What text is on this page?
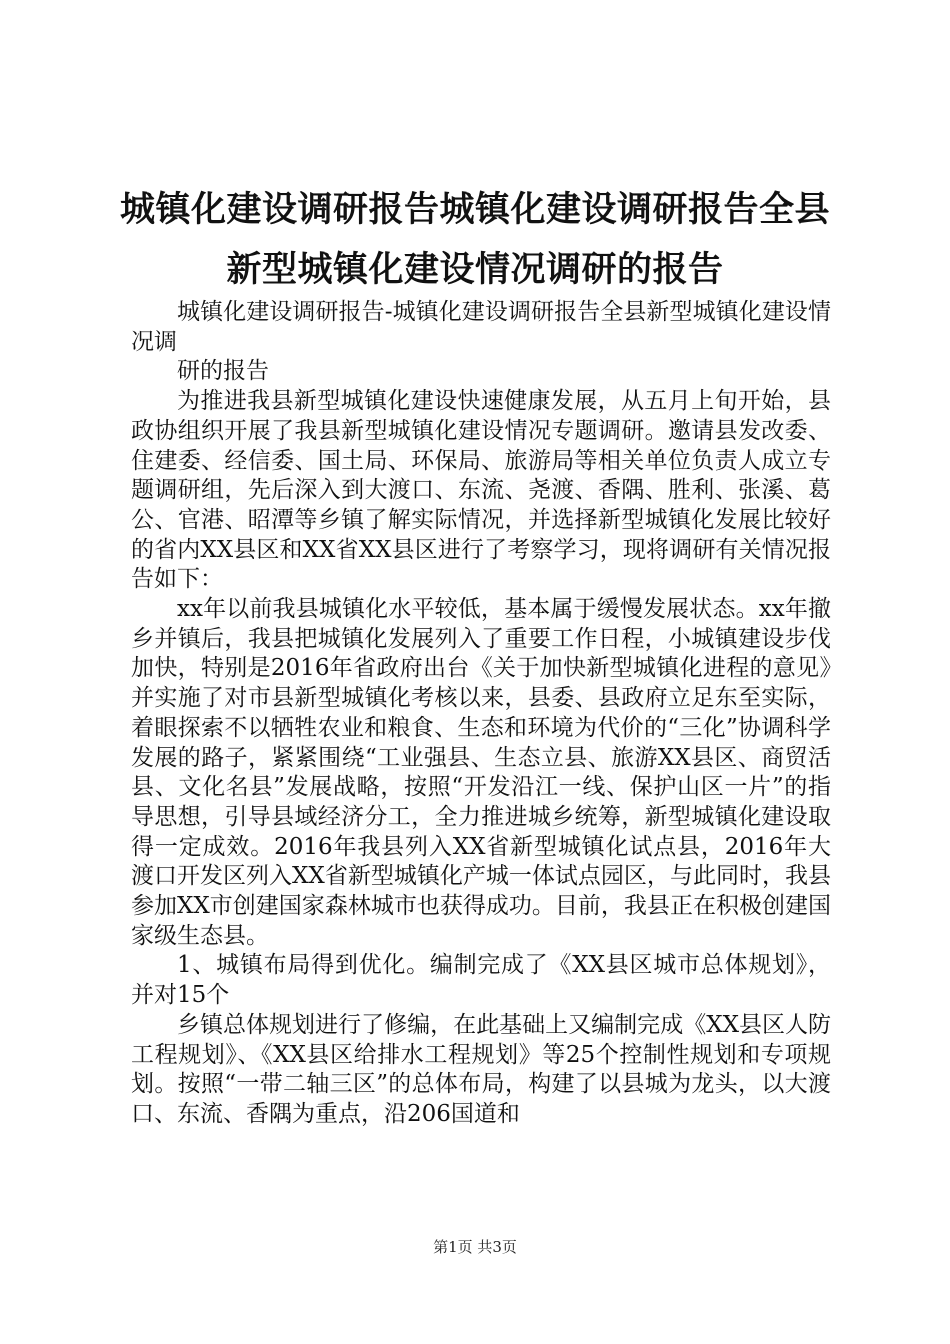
城镇化建设调研报告城镇化建设调研报告全县
新型城镇化建设情况调研的报告

城镇化建设调研报告-城镇化建设调研报告全县新型城镇化建设情况调

研的报告

为推进我县新型城镇化建设快速健康发展，从五月上旬开始，县政协组织开展了我县新型城镇化建设情况专题调研。邀请县发改委、住建委、经信委、国土局、环保局、旅游局等相关单位负责人成立专题调研组，先后深入到大渡口、东流、尧渡、香隅、胜利、张溪、葛公、官港、昭潭等乡镇了解实际情况，并选择新型城镇化发展比较好的省内XX县区和XX省XX县区进行了考察学习，现将调研有关情况报告如下：

xx年以前我县城镇化水平较低，基本属于缓慢发展状态。xx年撤乡并镇后，我县把城镇化发展列入了重要工作日程，小城镇建设步伐加快，特别是2016年省政府出台《关于加快新型城镇化进程的意见》并实施了对市县新型城镇化考核以来，县委、县政府立足东至实际，着眼探索不以牺牲农业和粮食、生态和环境为代价的“三化”协调科学发展的路子，紧紧围绕“工业强县、生态立县、旅游XX县区、商贸活县、文化名县”发展战略，按照“开发沿江一线、保护山区一片”的指导思想，引导县域经济分工，全力推进城乡统筹，新型城镇化建设取得一定成效。2016年我县列入XX省新型城镇化试点县，2016年大渡口开发区列入XX省新型城镇化产城一体试点园区，与此同时，我县参加XX市创建国家森林城市也获得成功。目前，我县正在积极创建国家级生态县。

1、城镇布局得到优化。编制完成了《XX县区城市总体规划》，并对15个

乡镇总体规划进行了修编，在此基础上又编制完成《XX县区人防工程规划》、《XX县区给排水工程规划》等25个控制性规划和专项规划。按照“一带二轴三区”的总体布局，构建了以县城为龙头，以大渡口、东流、香隅为重点，沿206国道和

第1页 共3页
